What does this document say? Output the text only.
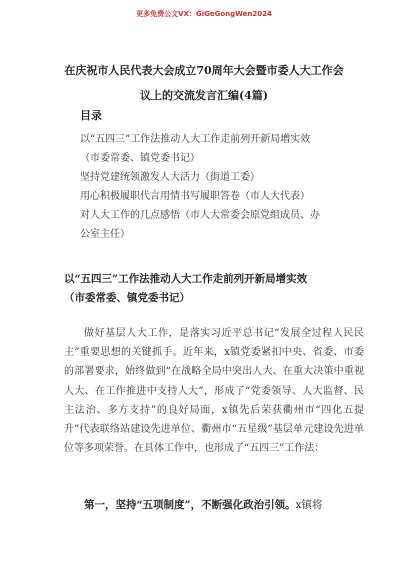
更多免费公文VX：GiGeGongWen2024
在庆祝市人民代表大会成立70周年大会暨市委人大工作会
议上的交流发言汇编(4篇)
目录
以“五四三”工作法推动人大工作走前列开新局增实效
（市委常委、镇党委书记）
坚持党建统领激发人大活力（街道工委）
用心积极履职代言用情书写履职答卷（市人大代表）
对人大工作的几点感悟（市人大常委会原党组成员、办
公室主任）
以“五四三”工作法推动人大工作走前列开新局增实效
（市委常委、镇党委书记）

做好基层人大工作，是落实习近平总书记“发展全过程人民民主”重要思想的关键抓手。近年来，x镇党委紧扣中央、省委、市委的部署要求，始终做到“在战略全局中突出人大、在重大决策中重视人大、在工作推进中支持人大”，形成了“党委领导、人大监督、民主法治、多方支持”的良好局面，x镇先后荣获衢州市“四化五提升”代表联络站建设先进单位、衢州市“五星级”基层单元建设先进单位等多项荣誉。在具体工作中，也形成了“五四三”工作法：

第一，坚持“五项制度”，不断强化政治引领。x镇将
